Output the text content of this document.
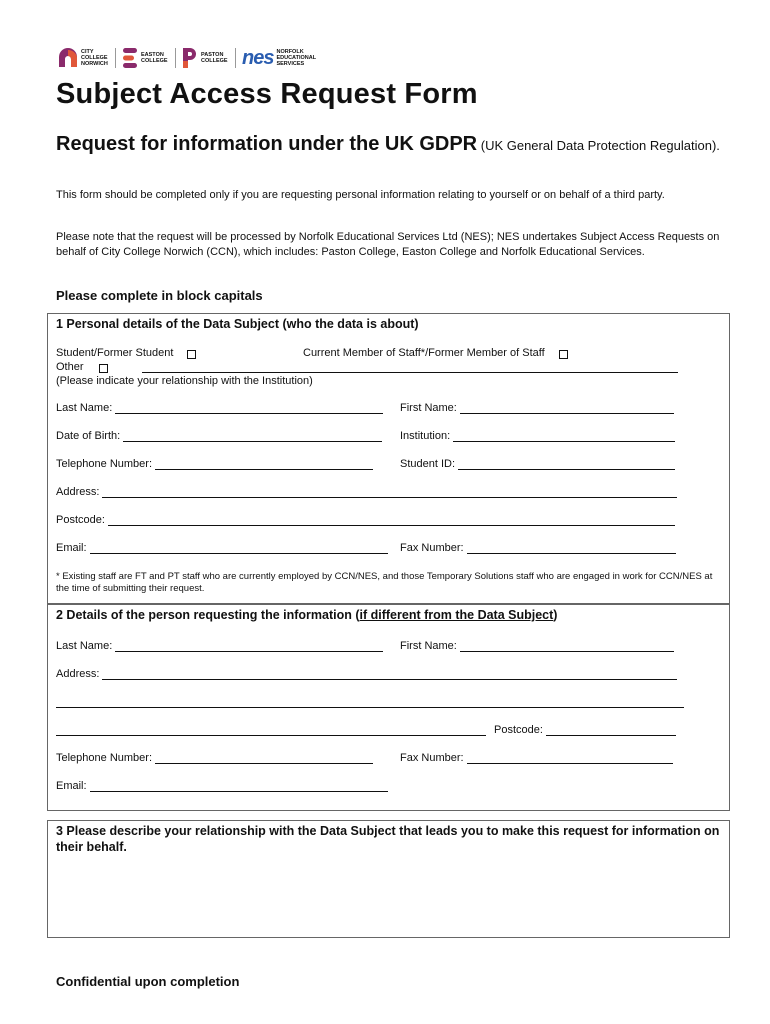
CITY COLLEGE NORWICH
EASTON COLLEGE
PASTON COLLEGE nes NORFOLK EDUCATIONAL SERVICES
Subject Access Request Form
Request for information under the UK GDPR (UK General Data Protection Regulation).
This form should be completed only if you are requesting personal information relating to yourself or on behalf of a third party.
Please note that the request will be processed by Norfolk Educational Services Ltd (NES); NES undertakes Subject Access Requests on behalf of City College Norwich (CCN), which includes: Paston College, Easton College and Norfolk Educational Services.
Please complete in block capitals
1 Personal details of the Data Subject (who the data is about)
Student/Former Student	Current Member of Staff*/Former Member of Staff
Other
(Please indicate your relationship with the Institution)
Last Name:	First Name:
Date of Birth:	Institution:
Telephone Number:	Student ID:
Address:
Postcode:
Email:	Fax Number:
* Existing staff are FT and PT staff who are currently employed by CCN/NES, and those Temporary Solutions staff who are engaged in work for CCN/NES at the time of submitting their request.
2 Details of the person requesting the information (if different from the Data Subject)
Last Name:	First Name:
Address:
Postcode:
Telephone Number:	Fax Number:
Email:
3 Please describe your relationship with the Data Subject that leads you to make this request for information on their behalf.
Confidential upon completion
